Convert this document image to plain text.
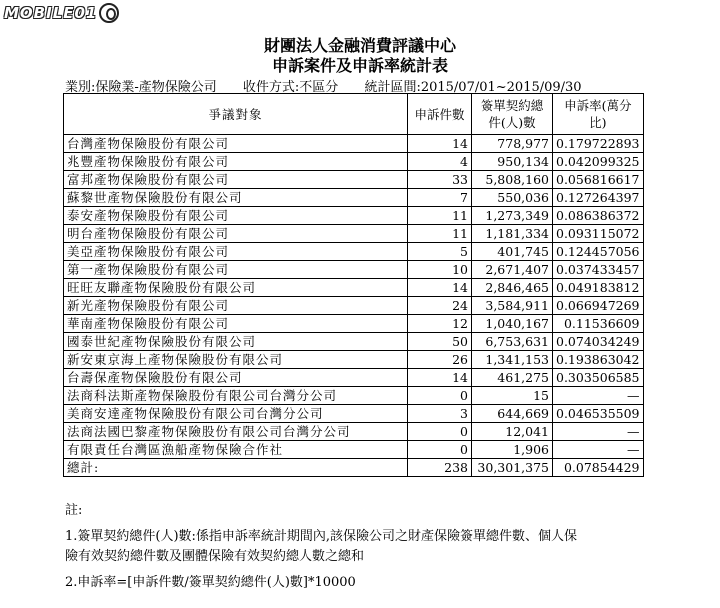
MOBILE01
財團法人金融消費評議中心
申訴案件及申訴率統計表
業別:保險業-產物保險公司 收件方式:不區分 統計區間:2015/07/01~2015/09/30
爭議對象	申訴件數	簽單契約總件(人)數	申訴率(萬分比)
台灣產物保險股份有限公司	14	778,977	0.179722893
兆豐產物保險股份有限公司	4	950,134	0.042099325
富邦產物保險股份有限公司	33	5,808,160	0.056816617
蘇黎世產物保險股份有限公司	7	550,036	0.127264397
泰安產物保險股份有限公司	11	1,273,349	0.086386372
明台產物保險股份有限公司	11	1,181,334	0.093115072
美亞產物保險股份有限公司	5	401,745	0.124457056
第一產物保險股份有限公司	10	2,671,407	0.037433457
旺旺友聯產物保險股份有限公司	14	2,846,465	0.049183812
新光產物保險股份有限公司	24	3,584,911	0.066947269
華南產物保險股份有限公司	12	1,040,167	0.11536609
國泰世紀產物保險股份有限公司	50	6,753,631	0.074034249
新安東京海上產物保險股份有限公司	26	1,341,153	0.193863042
台壽保產物保險股份有限公司	14	461,275	0.303506585
法商科法斯產物保險股份有限公司台灣分公司	0	15	—
美商安達產物保險股份有限公司台灣分公司	3	644,669	0.046535509
法商法國巴黎產物保險股份有限公司台灣分公司	0	12,041	—
有限責任台灣區漁船產物保險合作社	0	1,906	—
總計:	238	30,301,375	0.07854429

註:

1.簽單契約總件(人)數:係指申訴率統計期間內,該保險公司之財產保險簽單總件數、個人保

險有效契約總件數及團體保險有效契約總人數之總和

2.申訴率=[申訴件數/簽單契約總件(人)數]*10000
